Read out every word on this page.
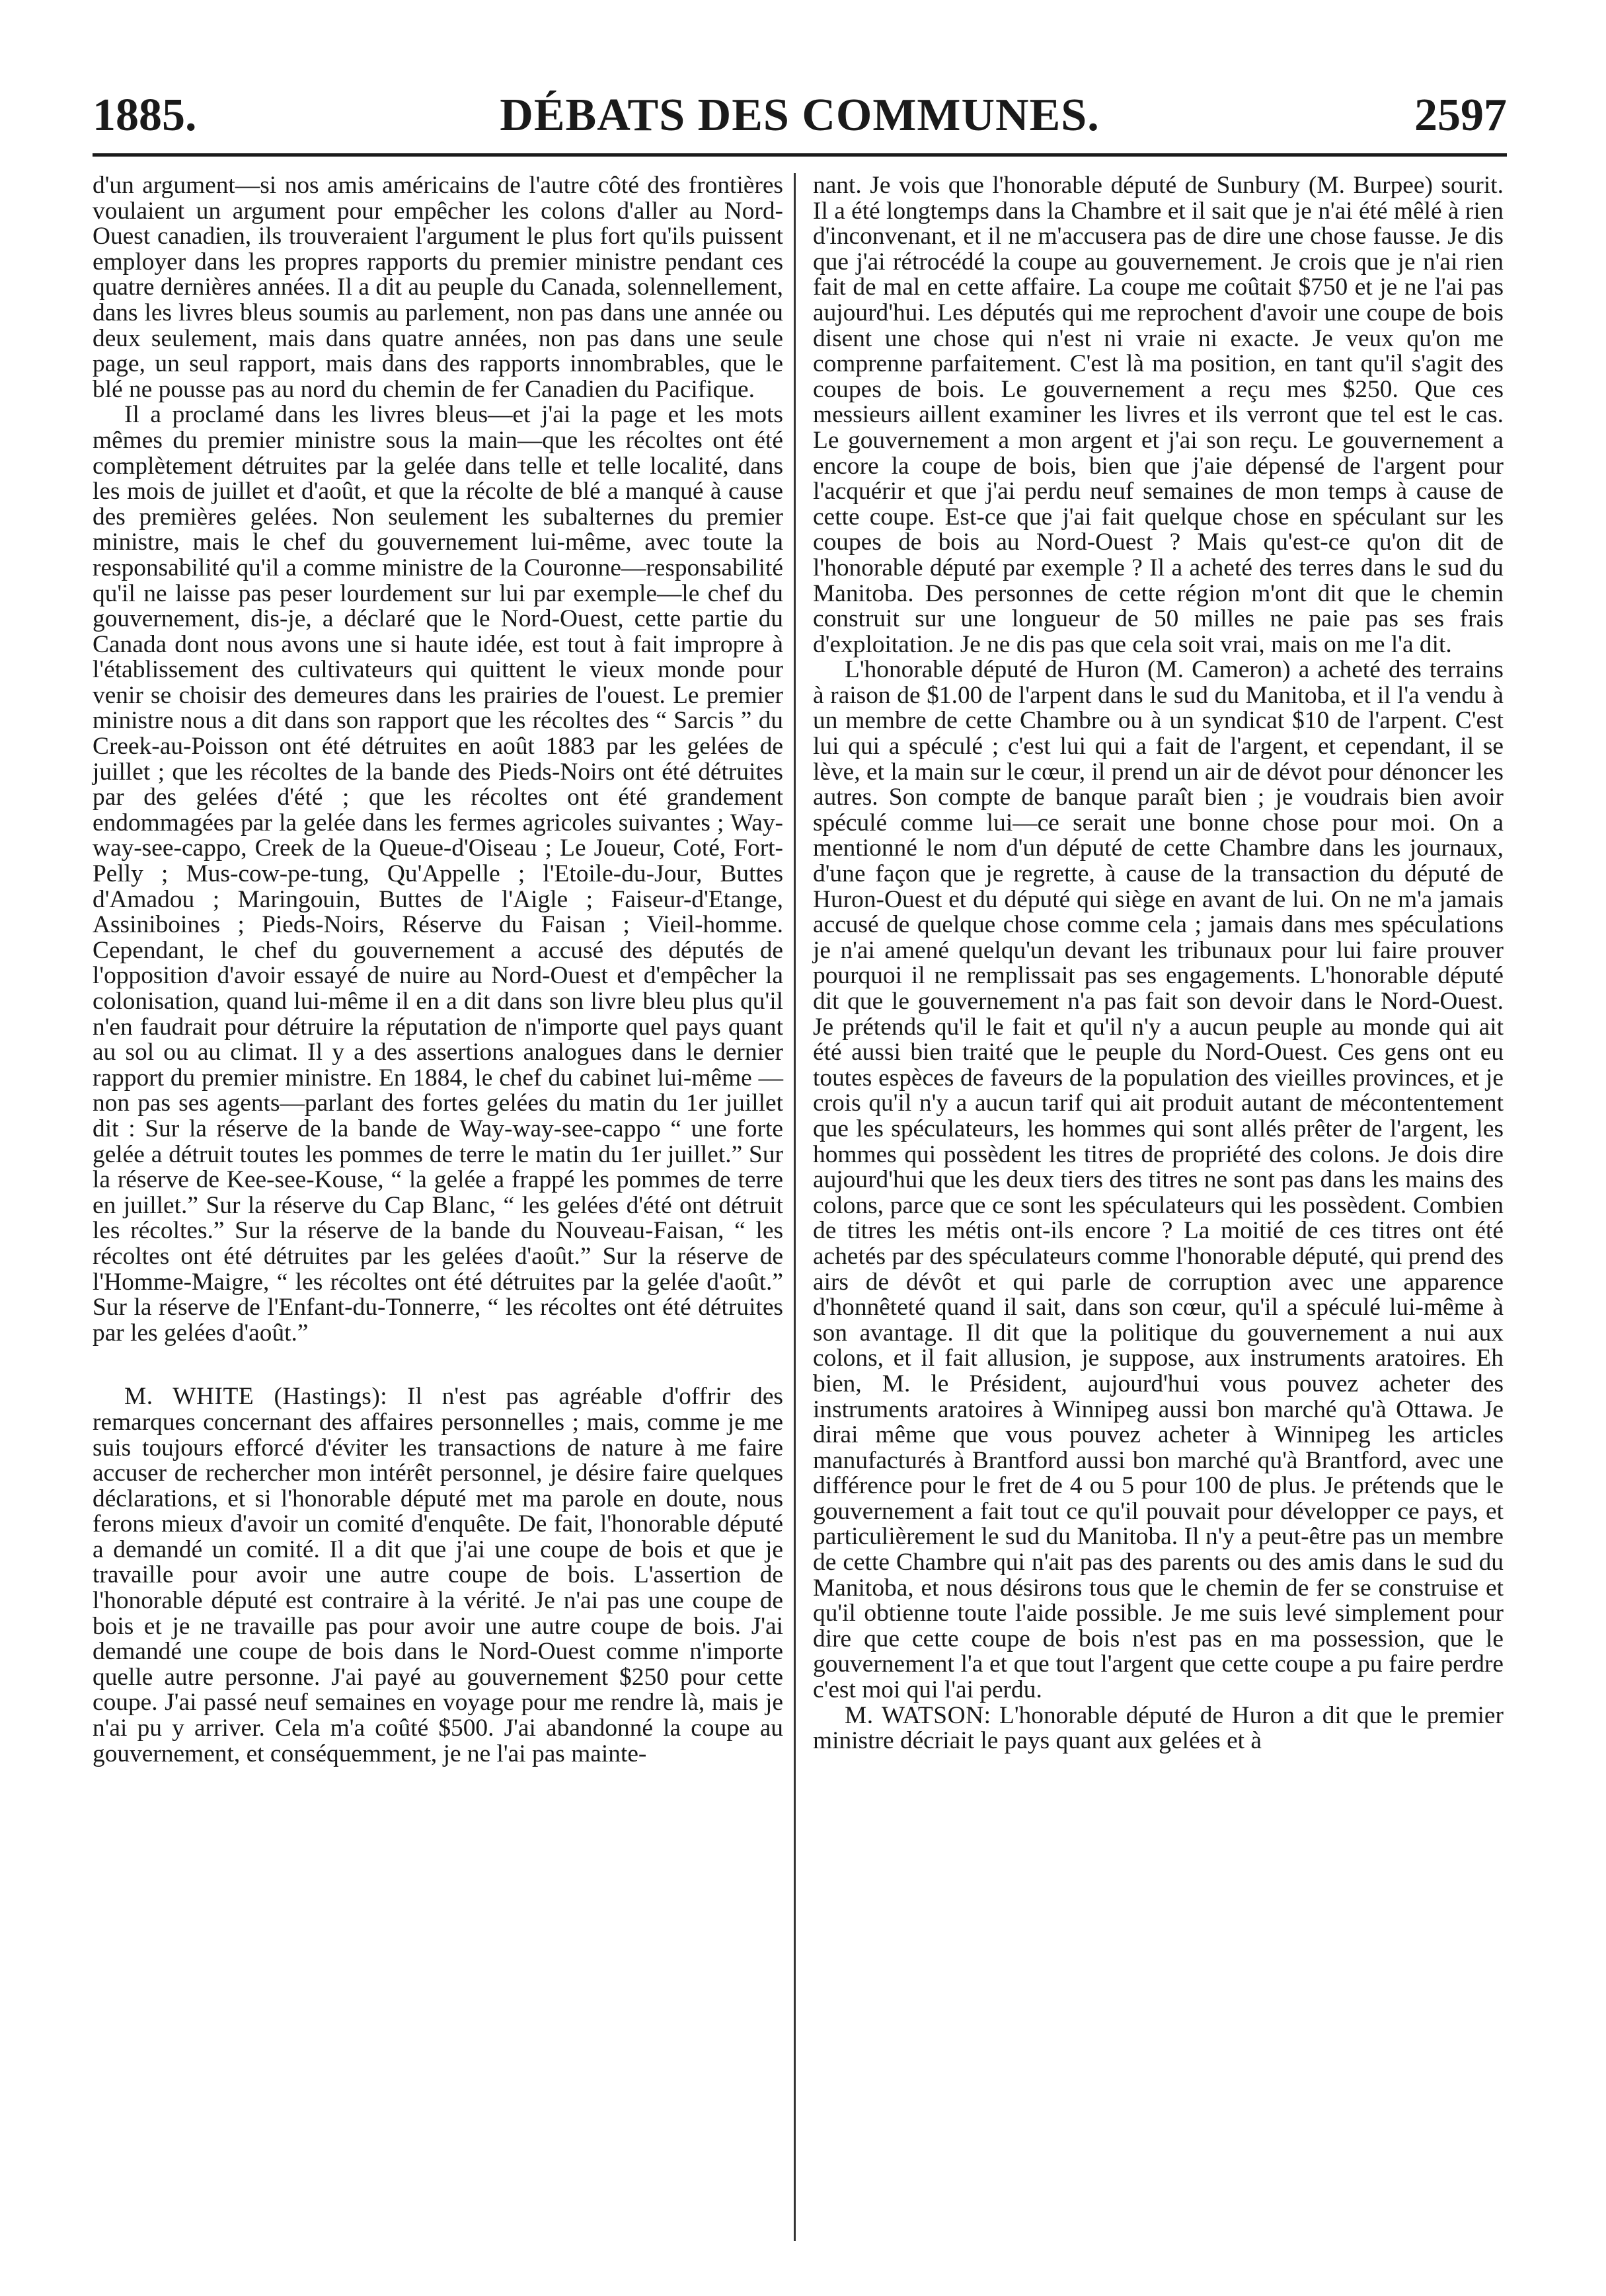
1885.	DÉBATS DES COMMUNES.	2597

d'un argument—si nos amis américains de l'autre côté des frontières voulaient un argument pour empêcher les colons d'aller au Nord-Ouest canadien, ils trouveraient l'argument le plus fort qu'ils puissent employer dans les propres rapports du premier ministre pendant ces quatre dernières années. Il a dit au peuple du Canada, solennellement, dans les livres bleus soumis au parlement, non pas dans une année ou deux seulement, mais dans quatre années, non pas dans une seule page, un seul rapport, mais dans des rapports innombrables, que le blé ne pousse pas au nord du chemin de fer Canadien du Pacifique.

Il a proclamé dans les livres bleus—et j'ai la page et les mots mêmes du premier ministre sous la main—que les récoltes ont été complètement détruites par la gelée dans telle et telle localité, dans les mois de juillet et d'août, et que la récolte de blé a manqué à cause des premières gelées. Non seulement les subalternes du premier ministre, mais le chef du gouvernement lui-même, avec toute la responsabilité qu'il a comme ministre de la Couronne—responsabilité qu'il ne laisse pas peser lourdement sur lui par exemple—le chef du gouvernement, dis-je, a déclaré que le Nord-Ouest, cette partie du Canada dont nous avons une si haute idée, est tout à fait impropre à l'établissement des cultivateurs qui quittent le vieux monde pour venir se choisir des demeures dans les prairies de l'ouest. Le premier ministre nous a dit dans son rapport que les récoltes des “ Sarcis ” du Creek-au-Poisson ont été détruites en août 1883 par les gelées de juillet ; que les récoltes de la bande des Pieds-Noirs ont été détruites par des gelées d'été ; que les récoltes ont été grandement endommagées par la gelée dans les fermes agricoles suivantes ; Way-way-see-cappo, Creek de la Queue-d'Oiseau ; Le Joueur, Coté, Fort-Pelly ; Mus-cow-pe-tung, Qu'Appelle ; l'Etoile-du-Jour, Buttes d'Amadou ; Maringouin, Buttes de l'Aigle ; Faiseur-d'Etange, Assiniboines ; Pieds-Noirs, Réserve du Faisan ; Vieil-homme. Cependant, le chef du gouvernement a accusé des députés de l'opposition d'avoir essayé de nuire au Nord-Ouest et d'empêcher la colonisation, quand lui-même il en a dit dans son livre bleu plus qu'il n'en faudrait pour détruire la réputation de n'importe quel pays quant au sol ou au climat. Il y a des assertions analogues dans le dernier rapport du premier ministre. En 1884, le chef du cabinet lui-même —non pas ses agents—parlant des fortes gelées du matin du 1er juillet dit : Sur la réserve de la bande de Way-way-see-cappo “ une forte gelée a détruit toutes les pommes de terre le matin du 1er juillet.” Sur la réserve de Kee-see-Kouse, “ la gelée a frappé les pommes de terre en juillet.” Sur la réserve du Cap Blanc, “ les gelées d'été ont détruit les récoltes.” Sur la réserve de la bande du Nouveau-Faisan, “ les récoltes ont été détruites par les gelées d'août.” Sur la réserve de l'Homme-Maigre, “ les récoltes ont été détruites par la gelée d'août.” Sur la réserve de l'Enfant-du-Tonnerre, “ les récoltes ont été détruites par les gelées d'août.”

M. WHITE (Hastings): Il n'est pas agréable d'offrir des remarques concernant des affaires personnelles ; mais, comme je me suis toujours efforcé d'éviter les transactions de nature à me faire accuser de rechercher mon intérêt personnel, je désire faire quelques déclarations, et si l'honorable député met ma parole en doute, nous ferons mieux d'avoir un comité d'enquête. De fait, l'honorable député a demandé un comité. Il a dit que j'ai une coupe de bois et que je travaille pour avoir une autre coupe de bois. L'assertion de l'honorable député est contraire à la vérité. Je n'ai pas une coupe de bois et je ne travaille pas pour avoir une autre coupe de bois. J'ai demandé une coupe de bois dans le Nord-Ouest comme n'importe quelle autre personne. J'ai payé au gouvernement $250 pour cette coupe. J'ai passé neuf semaines en voyage pour me rendre là, mais je n'ai pu y arriver. Cela m'a coûté $500. J'ai abandonné la coupe au gouvernement, et conséquemment, je ne l'ai pas mainte-

nant. Je vois que l'honorable député de Sunbury (M. Burpee) sourit. Il a été longtemps dans la Chambre et il sait que je n'ai été mêlé à rien d'inconvenant, et il ne m'accusera pas de dire une chose fausse. Je dis que j'ai rétrocédé la coupe au gouvernement. Je crois que je n'ai rien fait de mal en cette affaire. La coupe me coûtait $750 et je ne l'ai pas aujourd'hui. Les députés qui me reprochent d'avoir une coupe de bois disent une chose qui n'est ni vraie ni exacte. Je veux qu'on me comprenne parfaitement. C'est là ma position, en tant qu'il s'agit des coupes de bois. Le gouvernement a reçu mes $250. Que ces messieurs aillent examiner les livres et ils verront que tel est le cas. Le gouvernement a mon argent et j'ai son reçu. Le gouvernement a encore la coupe de bois, bien que j'aie dépensé de l'argent pour l'acquérir et que j'ai perdu neuf semaines de mon temps à cause de cette coupe. Est-ce que j'ai fait quelque chose en spéculant sur les coupes de bois au Nord-Ouest ? Mais qu'est-ce qu'on dit de l'honorable député par exemple ? Il a acheté des terres dans le sud du Manitoba. Des personnes de cette région m'ont dit que le chemin construit sur une longueur de 50 milles ne paie pas ses frais d'exploitation. Je ne dis pas que cela soit vrai, mais on me l'a dit.

L'honorable député de Huron (M. Cameron) a acheté des terrains à raison de $1.00 de l'arpent dans le sud du Manitoba, et il l'a vendu à un membre de cette Chambre ou à un syndicat $10 de l'arpent. C'est lui qui a spéculé ; c'est lui qui a fait de l'argent, et cependant, il se lève, et la main sur le cœur, il prend un air de dévot pour dénoncer les autres. Son compte de banque paraît bien ; je voudrais bien avoir spéculé comme lui—ce serait une bonne chose pour moi. On a mentionné le nom d'un député de cette Chambre dans les journaux, d'une façon que je regrette, à cause de la transaction du député de Huron-Ouest et du député qui siège en avant de lui. On ne m'a jamais accusé de quelque chose comme cela ; jamais dans mes spéculations je n'ai amené quelqu'un devant les tribunaux pour lui faire prouver pourquoi il ne remplissait pas ses engagements. L'honorable député dit que le gouvernement n'a pas fait son devoir dans le Nord-Ouest. Je prétends qu'il le fait et qu'il n'y a aucun peuple au monde qui ait été aussi bien traité que le peuple du Nord-Ouest. Ces gens ont eu toutes espèces de faveurs de la population des vieilles provinces, et je crois qu'il n'y a aucun tarif qui ait produit autant de mécontentement que les spéculateurs, les hommes qui sont allés prêter de l'argent, les hommes qui possèdent les titres de propriété des colons. Je dois dire aujourd'hui que les deux tiers des titres ne sont pas dans les mains des colons, parce que ce sont les spéculateurs qui les possèdent. Combien de titres les métis ont-ils encore ? La moitié de ces titres ont été achetés par des spéculateurs comme l'honorable député, qui prend des airs de dévôt et qui parle de corruption avec une apparence d'honnêteté quand il sait, dans son cœur, qu'il a spéculé lui-même à son avantage. Il dit que la politique du gouvernement a nui aux colons, et il fait allusion, je suppose, aux instruments aratoires. Eh bien, M. le Président, aujourd'hui vous pouvez acheter des instruments aratoires à Winnipeg aussi bon marché qu'à Ottawa. Je dirai même que vous pouvez acheter à Winnipeg les articles manufacturés à Brantford aussi bon marché qu'à Brantford, avec une différence pour le fret de 4 ou 5 pour 100 de plus. Je prétends que le gouvernement a fait tout ce qu'il pouvait pour développer ce pays, et particulièrement le sud du Manitoba. Il n'y a peut-être pas un membre de cette Chambre qui n'ait pas des parents ou des amis dans le sud du Manitoba, et nous désirons tous que le chemin de fer se construise et qu'il obtienne toute l'aide possible. Je me suis levé simplement pour dire que cette coupe de bois n'est pas en ma possession, que le gouvernement l'a et que tout l'argent que cette coupe a pu faire perdre c'est moi qui l'ai perdu.

M. WATSON: L'honorable député de Huron a dit que le premier ministre décriait le pays quant aux gelées et à
